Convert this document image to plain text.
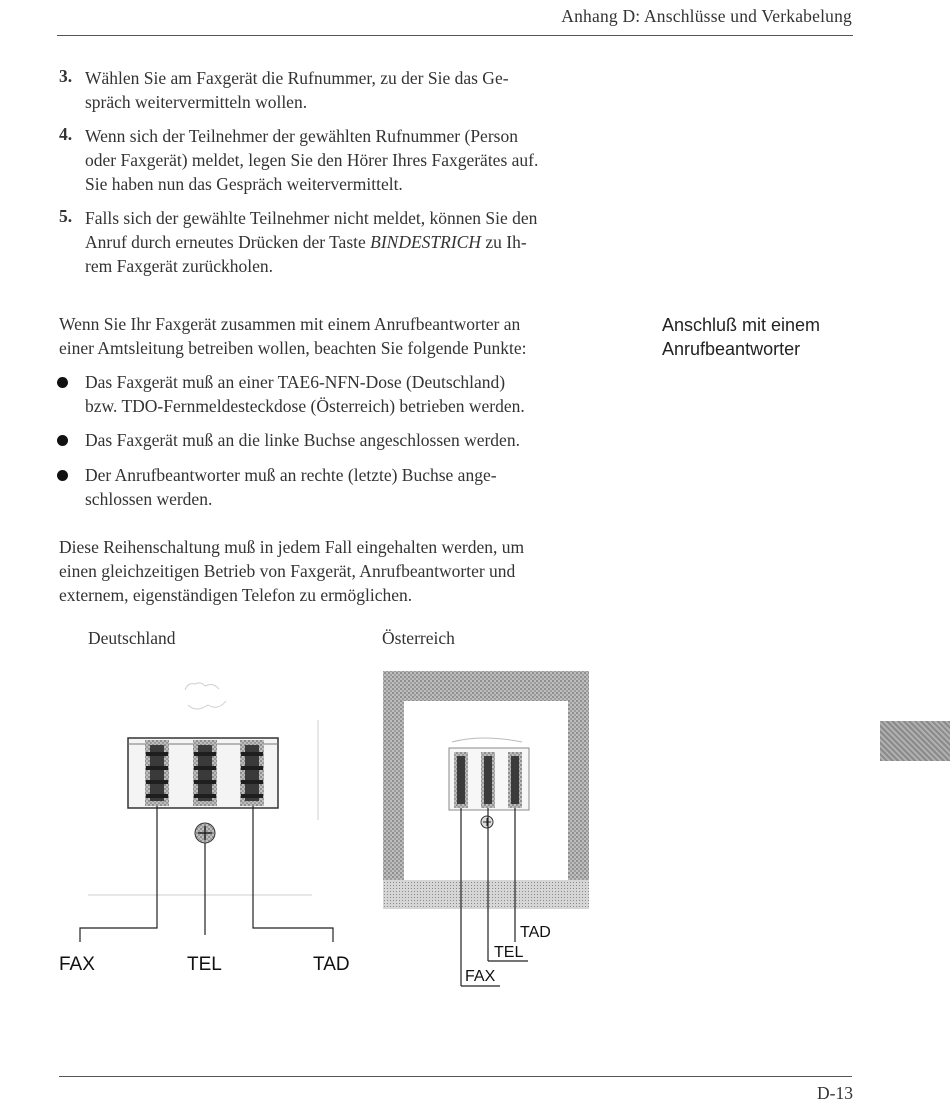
Anhang D: Anschlüsse und Verkabelung
3. Wählen Sie am Faxgerät die Rufnummer, zu der Sie das Ge-
spräch weitervermitteln wollen.
4. Wenn sich der Teilnehmer der gewählten Rufnummer (Person
oder Faxgerät) meldet, legen Sie den Hörer Ihres Faxgerätes auf.
Sie haben nun das Gespräch weitervermittelt.
5. Falls sich der gewählte Teilnehmer nicht meldet, können Sie den
Anruf durch erneutes Drücken der Taste BINDESTRICH zu Ih-
rem Faxgerät zurückholen.
Wenn Sie Ihr Faxgerät zusammen mit einem Anrufbeantworter an
einer Amtsleitung betreiben wollen, beachten Sie folgende Punkte:
Anschluß mit einem
Anrufbeantworter
Das Faxgerät muß an einer TAE6-NFN-Dose (Deutschland)
bzw. TDO-Fernmeldesteckdose (Österreich) betrieben werden.
Das Faxgerät muß an die linke Buchse angeschlossen werden.
Der Anrufbeantworter muß an rechte (letzte) Buchse ange-
schlossen werden.
Diese Reihenschaltung muß in jedem Fall eingehalten werden, um
einen gleichzeitigen Betrieb von Faxgerät, Anrufbeantworter und
externem, eigenständigen Telefon zu ermöglichen.
Deutschland	Österreich
FAX	TEL	TAD
TAD
TEL
FAX
D-13
